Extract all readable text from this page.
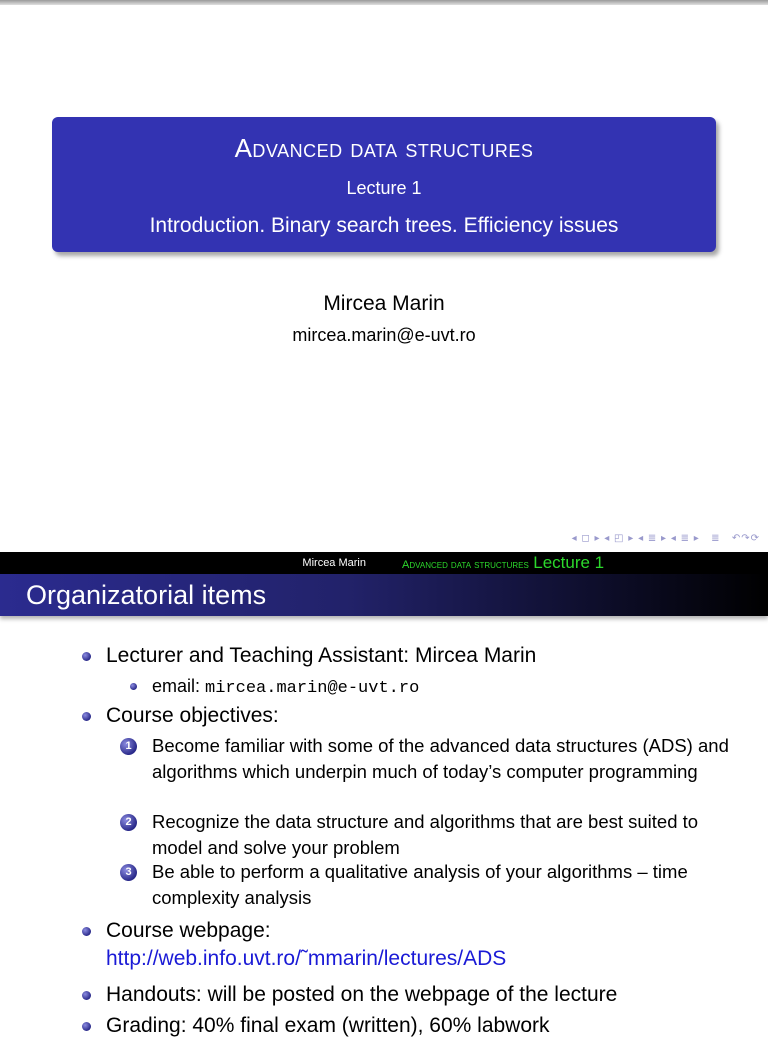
Advanced data structures
Lecture 1
Introduction. Binary search trees. Efficiency issues
Mircea Marin
mircea.marin@e-uvt.ro
◂ ◻ ▸ ◂ ◰ ▸ ◂ ≣ ▸ ◂ ≣ ▸   ≣   ↶↷⟳
Mircea Marin	Advanced data structures Lecture 1
Organizatorial items
Lecturer and Teaching Assistant: Mircea Marin
email: mircea.marin@e-uvt.ro
Course objectives:
1 Become familiar with some of the advanced data structures (ADS) and algorithms which underpin much of today’s computer programming
2 Recognize the data structure and algorithms that are best suited to model and solve your problem
3 Be able to perform a qualitative analysis of your algorithms – time complexity analysis
Course webpage:
http://web.info.uvt.ro/˜mmarin/lectures/ADS
Handouts: will be posted on the webpage of the lecture
Grading: 40% final exam (written), 60% labwork
